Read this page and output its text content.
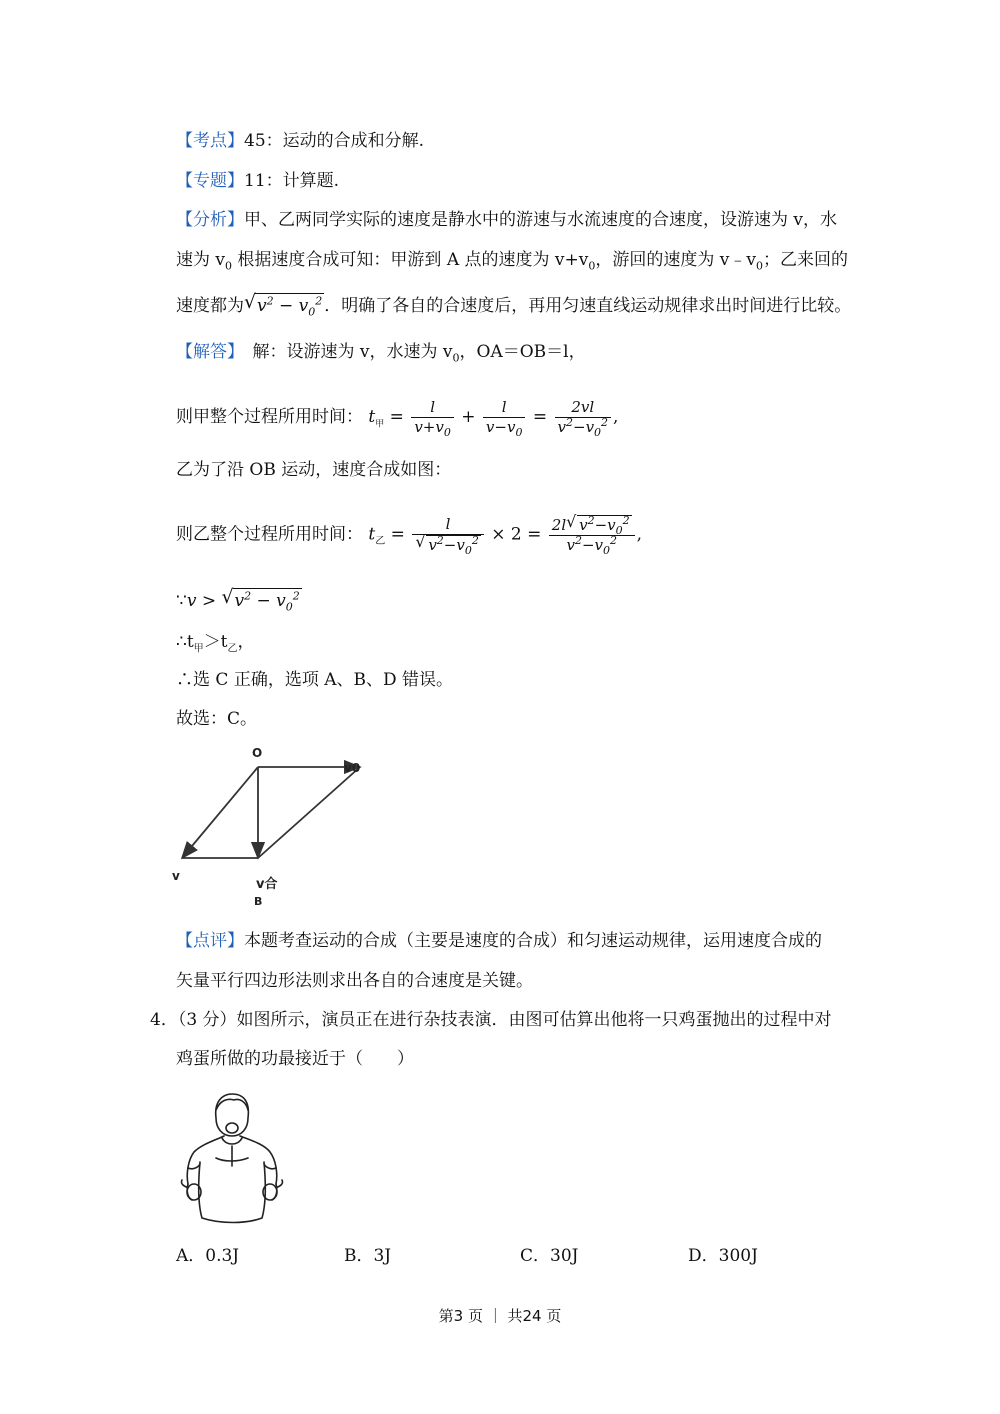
【考点】45：运动的合成和分解.
【专题】11：计算题.
【分析】甲、乙两同学实际的速度是静水中的游速与水流速度的合速度，设游速为 v，水
速为 $v_0$ 根据速度合成可知：甲游到 A 点的速度为 $v+v_0$，游回的速度为 $v﹣v_0$；乙来回的
速度都为 √ $v^2 - v_0^2$ ．明确了各自的合速度后，再用匀速直线运动规律求出时间进行比较。
【解答】　解：设游速为 v，水速为 $v_0$，OA＝OB＝l，
则甲整个过程所用时间： $t_甲 = \frac{l}{v+v_0} + \frac{l}{v-v_0} = \frac{2vl}{v^2-v_0^2}$ ,
乙为了沿 OB 运动，速度合成如图：
则乙整个过程所用时间： $t_乙 = \frac{l}{√ v^2-v_0^2} \times 2 = \frac{2l √ v^2-v_0^2}{v^2-v_0^2}$ ,
∵v > √ $v^2 - v_0^2$
$\therefore t_甲>t_乙$，
∴选 C 正确，选项 A、B、D 错误。
故选：C。
O
v0
v
v合
B
【点评】本题考查运动的合成（主要是速度的合成）和匀速运动规律，运用速度合成的
矢量平行四边形法则求出各自的合速度是关键。
4．（3 分）如图所示，演员正在进行杂技表演．由图可估算出他将一只鸡蛋抛出的过程中对
鸡蛋所做的功最接近于（　　）
A．0.3J	B．3J	C．30J	D．300J
第3 页 ｜ 共24 页
